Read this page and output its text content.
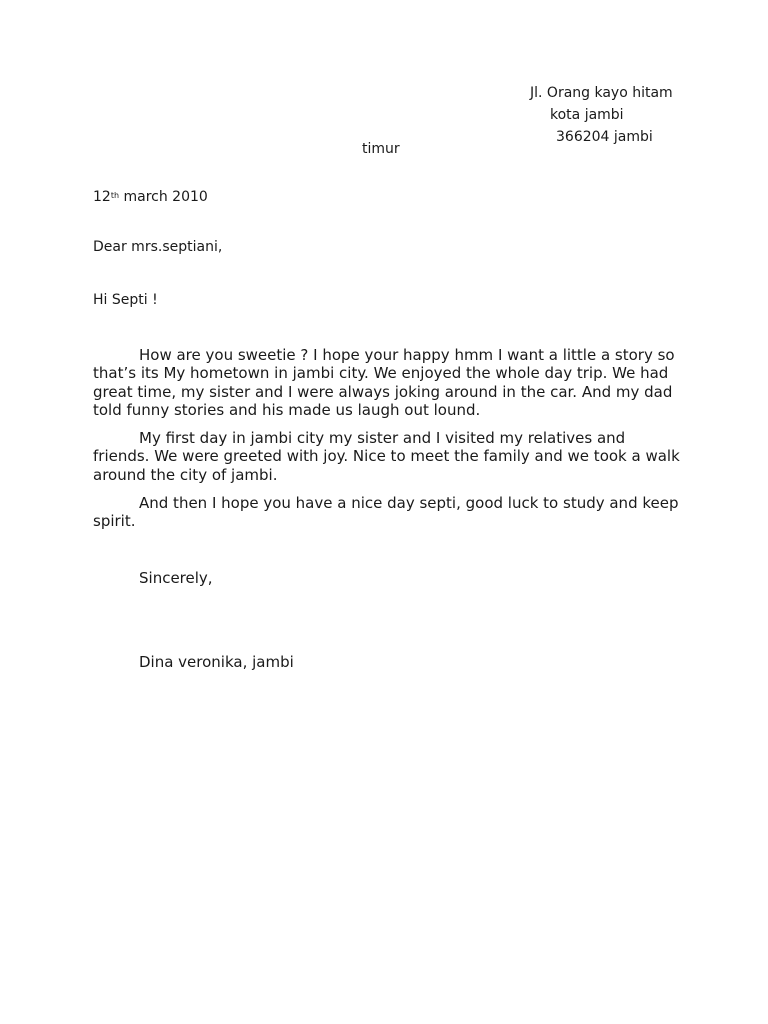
Jl. Orang kayo hitam
kota jambi
366204 jambi
timur
12th march 2010
Dear mrs.septiani,
Hi Septi !
How are you sweetie ? I hope your happy hmm I want a little a story so that’s its My hometown in jambi city. We enjoyed the whole day trip. We had great time, my sister and I were always joking around in the car. And my dad told funny stories and his made us laugh out lound.
My first day in jambi city my sister and I visited my relatives and friends. We were greeted with joy. Nice to meet the family and we took a walk around the city of jambi.
And then I hope you have a nice day septi, good luck to study and keep spirit.
Sincerely,
Dina veronika, jambi
